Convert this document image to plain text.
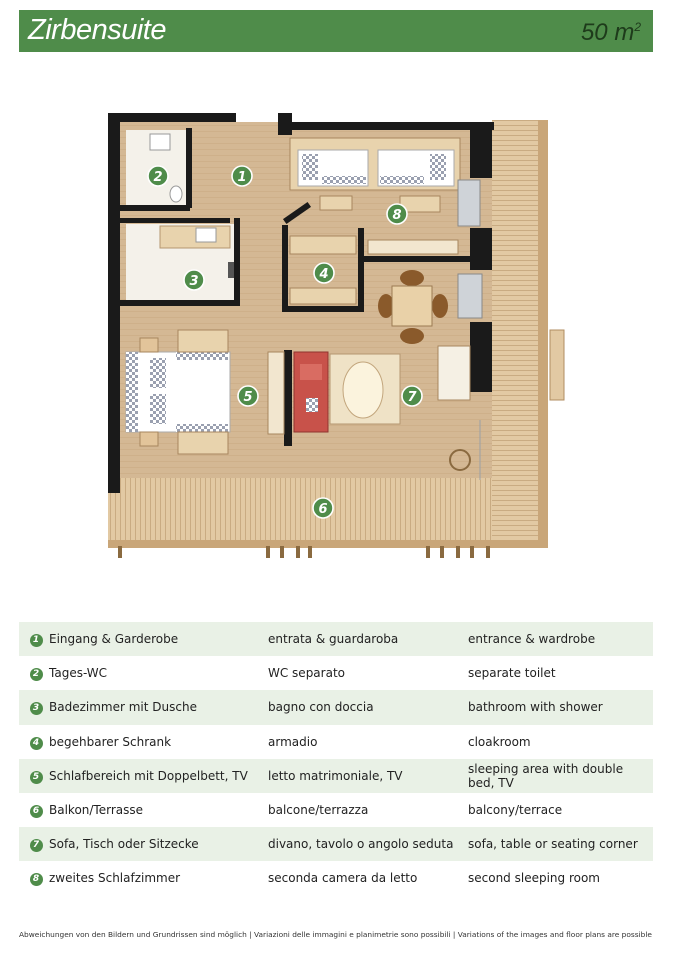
Zirbensuite	50 $m^2$
1
2
3	4
5
6
7
8
1	Eingang & Garderobe	entrata & guardaroba	entrance & wardrobe
2	Tages-WC	WC separato	separate toilet
3	Badezimmer mit Dusche	bagno con doccia	bathroom with shower
4	begehbarer Schrank	armadio	cloakroom
5	Schlafbereich mit Doppelbett, TV	letto matrimoniale, TV	sleeping area with double bed, TV
6	Balkon/Terrasse	balcone/terrazza	balcony/terrace
7	Sofa, Tisch oder Sitzecke	divano, tavolo o angolo seduta	sofa, table or seating corner
8	zweites Schlafzimmer	seconda camera da letto	second sleeping room
Abweichungen von den Bildern und Grundrissen sind möglich | Variazioni delle immagini e planimetrie sono possibili | Variations of the images and floor plans are possible
